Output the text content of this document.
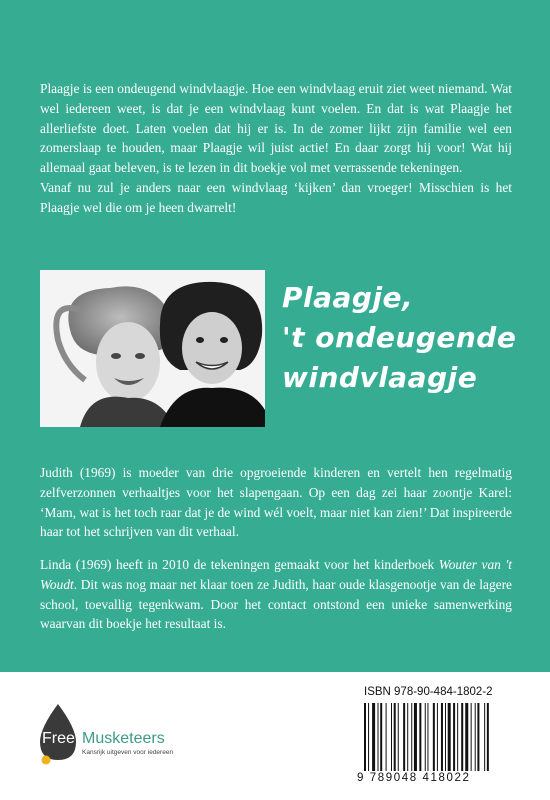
Plaagje is een ondeugend windvlaagje. Hoe een windvlaag eruit ziet weet niemand. Wat wel iedereen weet, is dat je een windvlaag kunt voelen. En dat is wat Plaagje het allerliefste doet. Laten voelen dat hij er is. In de zomer lijkt zijn familie wel een zomerslaap te houden, maar Plaagje wil juist actie! En daar zorgt hij voor! Wat hij allemaal gaat beleven, is te lezen in dit boekje vol met verrassende tekeningen.

Vanaf nu zul je anders naar een windvlaag ‘kijken’ dan vroeger! Misschien is het Plaagje wel die om je heen dwarrelt!

Plaagje,
't ondeugende
windvlaagje

Judith (1969) is moeder van drie opgroeiende kinderen en vertelt hen regelmatig zelfverzonnen verhaaltjes voor het slapengaan. Op een dag zei haar zoontje Karel: ‘Mam, wat is het toch raar dat je de wind wél voelt, maar niet kan zien!’ Dat inspireerde haar tot het schrijven van dit verhaal.

Linda (1969) heeft in 2010 de tekeningen gemaakt voor het kinderboek Wouter van 't Woudt. Dit was nog maar net klaar toen ze Judith, haar oude klasgenootje van de lagere school, toevallig tegenkwam. Door het contact ontstond een unieke samenwerking waarvan dit boekje het resultaat is.

Free Musketeers
Kansrijk uitgeven voor iedereen
ISBN 978-90-484-1802-2
9 789048 418022
